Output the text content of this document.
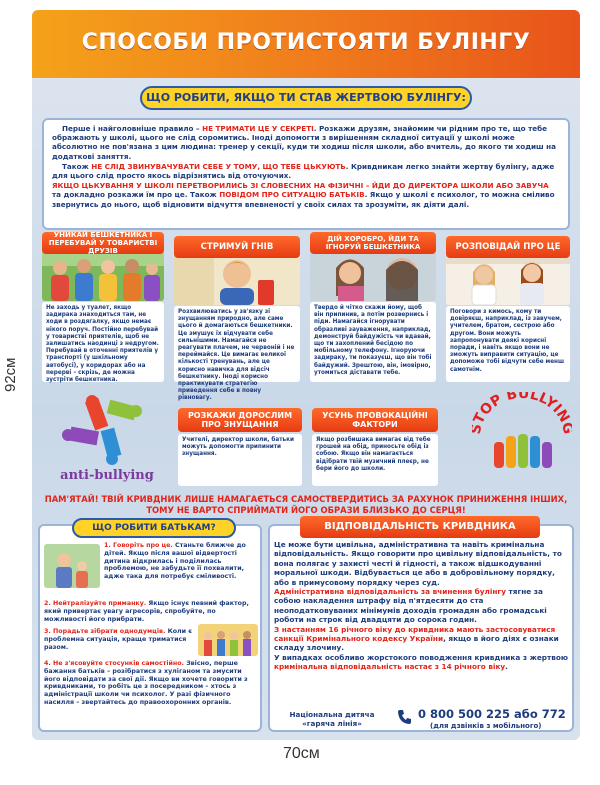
92см
70см
СПОСОБИ ПРОТИСТОЯТИ БУЛІНГУ
ЩО РОБИТИ, ЯКЩО ТИ СТАВ ЖЕРТВОЮ БУЛІНГУ:

Перше і найголовніше правило – НЕ ТРИМАТИ ЦЕ У СЕКРЕТІ. Розкажи друзям, знайомим чи рідним про те, що тебе ображають у школі, цього не слід соромитись. Іноді допомогти з вирішенням складної ситуації у школі може абсолютно не пов'язана з цим людина: тренер у секції, куди ти ходиш після школи, або вчитель, до якого ти ходиш на додаткові заняття.

Також НЕ СЛІД ЗВИНУВАЧУВАТИ СЕБЕ У ТОМУ, ЩО ТЕБЕ ЦЬКУЮТЬ. Кривдникам легко знайти жертву булінгу, адже для цього слід просто якось відрізнятись від оточуючих.

ЯКЩО ЦЬКУВАННЯ У ШКОЛІ ПЕРЕТВОРИЛИСЬ ЗІ СЛОВЕСНИХ НА ФІЗИЧНІ – ЙДИ ДО ДИРЕКТОРА ШКОЛИ АБО ЗАВУЧА та докладно розкажи їм про це. Також ПОВІДОМ ПРО СИТУАЦІЮ БАТЬКІВ. Якщо у школі є психолог, то можна сміливо звернутись до нього, щоб відновити відчуття впевненості у своїх силах та зрозуміти, як діяти далі.

УНИКАЙ БЕШКЕТНИКА І ПЕРЕБУВАЙ У ТОВАРИСТВІ ДРУЗІВ
Не заходь у туалет, якщо задирака знаходиться там, не ходи в роздягалку, якщо немає нікого поруч. Постійно перебувай у товаристві приятелів, щоб не залишатись наодинці з недругом. Перебувай в оточенні приятелів у транспорті (у шкільному автобусі), у коридорах або на перерві – скрізь, де можна зустріти бешкетника.
СТРИМУЙ ГНІВ
Розхвилюватись у зв'язку зі знущанням природно, але саме цього й домагаються бешкетники. Це змушує їх відчувати себе сильнішими. Намагайся не реагувати плачем, не червоній і не переймайся. Це вимагає великої кількості тренувань, але це корисно навичка для відсіч бешкетнику. Іноді корисно практикувати стратегію приведення себе в повну рівновагу.
ДІЙ ХОРОБРО, ЙДИ ТА ІГНОРУЙ БЕШКЕТНИКА
Твердо й чітко скажи йому, щоб він припинив, а потім розвернись і піди. Намагайся ігнорувати образливі зауваження, наприклад, демонструй байдужість чи вдавай, що ти захоплений бесідою по мобільному телефону. Ігноруючи задираку, ти показуєш, що він тобі байдужий. Зрештою, він, імовірно, утомиться діставати тебе.
РОЗПОВІДАЙ ПРО ЦЕ
Поговори з кимось, кому ти довіряєш, наприклад, із завучем, учителем, братом, сестрою або другом. Вони можуть запропонувати деякі корисні поради, і навіть якщо вони не зможуть виправити ситуацію, це допоможе тобі відчути себе менш самотнім.
anti-bullying
РОЗКАЖИ ДОРОСЛИМ ПРО ЗНУЩАННЯ
Учителі, директор школи, батьки можуть допомогти припинити знущання.
УСУНЬ ПРОВОКАЦІЙНІ ФАКТОРИ
Якщо розбишака вимагає від тебе грошей на обід, приносьте обід із собою. Якщо він намагається відібрати твій музичний плеєр, не бери його до школи.
TOP BULLYIN
ПАМ'ЯТАЙ! ТВІЙ КРИВДНИК ЛИШЕ НАМАГАЄТЬСЯ САМОСТВЕРДИТИСЬ ЗА РАХУНОК ПРИНИЖЕННЯ ІНШИХ, ТОМУ НЕ ВАРТО СПРИЙМАТИ ЙОГО ОБРАЗИ БЛИЗЬКО ДО СЕРЦЯ!
ЩО РОБИТИ БАТЬКАМ?
1. Говоріть про це. Станьте ближче до дітей. Якщо після вашої відвертості дитина відкрилась і поділилась проблемою, не забудьте її похвалити, адже така для потребує сміливості.
2. Нейтралізуйте приманку. Якщо існує певний фактор, який привертає увагу агресорів, спробуйте, по можливості його прибрати.
3. Порадьте зібрати однодумців. Коли є проблемна ситуація, краще триматися разом.
4. Не з'ясовуйте стосунків самостійно. Звісно, перше бажання батьків – розібратися з хуліганом та змусити його відповідати за свої дії. Якщо ви хочете говорити з кривдниками, то робіть це з посередником – хтось з адміністрації школи чи психолог. У разі фізичного насилля – звертайтесь до правоохоронних органів.
ВІДПОВІДАЛЬНІСТЬ КРИВДНИКА
Це може бути цивільна, адміністративна та навіть кримінальна відповідальність. Якщо говорити про цивільну відповідальність, то вона полягає у захисті честі й гідності, а також відшкодуванні моральної шкоди. Відбувається це або в добровільному порядку, або в примусовому порядку через суд.
Адміністративна відповідальність за вчинення булінгу тягне за собою накладення штрафу від п'ятдесяти до ста неоподатковуваних мінімумів доходів громадян або громадські роботи на строк від двадцяти до сорока годин.
З настанням 16 річного віку до кривдника мають застосовуватися санкції Кримінального кодексу України, якщо в його діях є ознаки складу злочину.
У випадках особливо жорстокого поводження кривдника з жертвою кримінальна відповідальність настає з 14 річного віку.
Національна дитяча «гаряча лінія»
0 800 500 225 або 772
(для дзвінків з мобільного)
